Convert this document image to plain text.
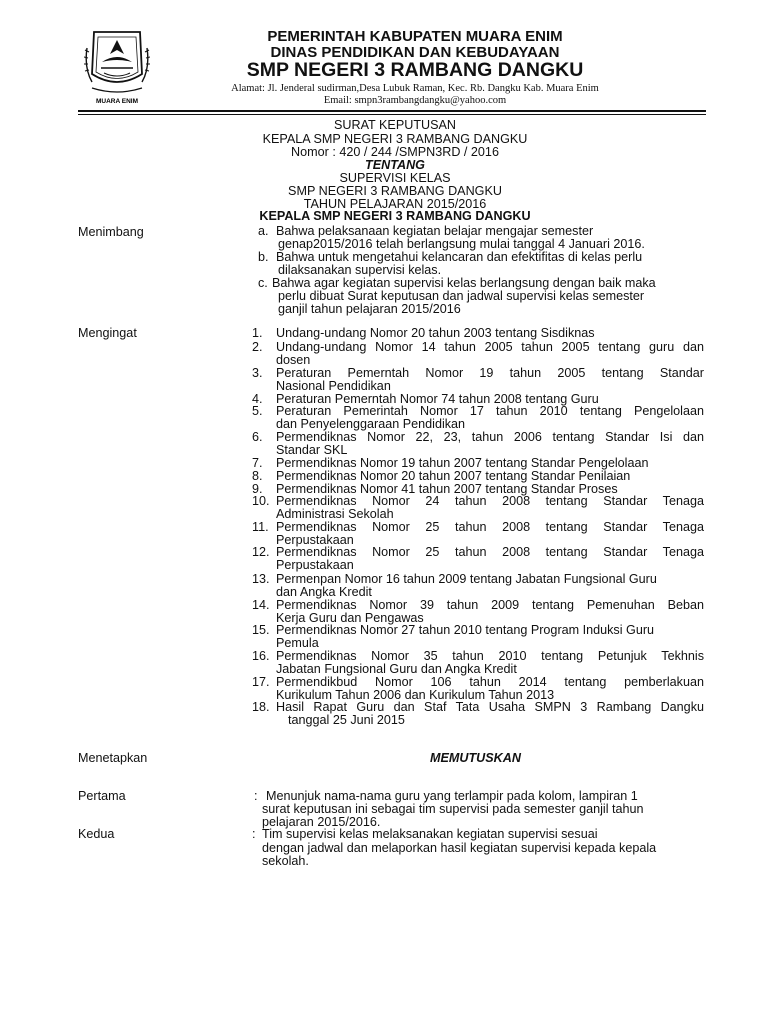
MUARA ENIM
PEMERINTAH KABUPATEN MUARA ENIM
DINAS PENDIDIKAN DAN KEBUDAYAAN
SMP NEGERI 3 RAMBANG DANGKU
Alamat: Jl. Jenderal sudirman,Desa Lubuk Raman, Kec. Rb. Dangku Kab. Muara Enim
Email: smpn3rambangdangku@yahoo.com
SURAT KEPUTUSAN
KEPALA SMP NEGERI 3 RAMBANG DANGKU
Nomor : 420 / 244 /SMPN3RD / 2016
TENTANG
SUPERVISI KELAS
SMP NEGERI 3 RAMBANG DANGKU
TAHUN PELAJARAN 2015/2016
KEPALA SMP NEGERI 3 RAMBANG DANGKU
Menimbang	a. Bahwa pelaksanaan kegiatan belajar mengajar semester
genap2015/2016 telah berlangsung mulai tanggal 4 Januari 2016.
b. Bahwa untuk mengetahui kelancaran dan efektifitas di kelas perlu
dilaksanakan supervisi kelas.
c. Bahwa agar kegiatan supervisi kelas berlangsung dengan baik maka
perlu dibuat Surat keputusan dan jadwal supervisi kelas semester
ganjil tahun pelajaran 2015/2016
Mengingat	1. Undang-undang Nomor 20 tahun 2003 tentang Sisdiknas
2. Undang-undang Nomor 14 tahun 2005 tahun 2005 tentang guru dan
dosen
3. Peraturan Pemerntah Nomor 19 tahun 2005 tentang Standar
Nasional Pendidikan
4. Peraturan Pemerntah Nomor 74 tahun 2008 tentang Guru
5. Peraturan Pemerintah Nomor 17 tahun 2010 tentang Pengelolaan
dan Penyelenggaraan Pendidikan
6. Permendiknas Nomor 22, 23, tahun 2006 tentang Standar Isi dan
Standar SKL
7. Permendiknas Nomor 19 tahun 2007 tentang Standar Pengelolaan
8. Permendiknas Nomor 20 tahun 2007 tentang Standar Penilaian
9. Permendiknas Nomor 41 tahun 2007 tentang Standar Proses
10. Permendiknas Nomor 24 tahun 2008 tentang Standar Tenaga
Administrasi Sekolah
11. Permendiknas Nomor 25 tahun 2008 tentang Standar Tenaga
Perpustakaan
12. Permendiknas Nomor 25 tahun 2008 tentang Standar Tenaga
Perpustakaan
13. Permenpan Nomor 16 tahun 2009 tentang Jabatan Fungsional Guru
dan Angka Kredit
14. Permendiknas Nomor 39 tahun 2009 tentang Pemenuhan Beban
Kerja Guru dan Pengawas
15. Permendiknas Nomor 27 tahun 2010 tentang Program Induksi Guru
Pemula
16. Permendiknas Nomor 35 tahun 2010 tentang Petunjuk Tekhnis
Jabatan Fungsional Guru dan Angka Kredit
17. Permendikbud Nomor 106 tahun 2014 tentang pemberlakuan
Kurikulum Tahun 2006 dan Kurikulum Tahun 2013
18. Hasil Rapat Guru dan Staf Tata Usaha SMPN 3 Rambang Dangku
tanggal 25 Juni 2015
Menetapkan	MEMUTUSKAN
Pertama	: Menunjuk nama-nama guru yang terlampir pada kolom, lampiran 1
surat keputusan ini sebagai tim supervisi pada semester ganjil tahun
pelajaran 2015/2016.
Kedua	: Tim supervisi kelas melaksanakan kegiatan supervisi sesuai
dengan jadwal dan melaporkan hasil kegiatan supervisi kepada kepala
sekolah.
